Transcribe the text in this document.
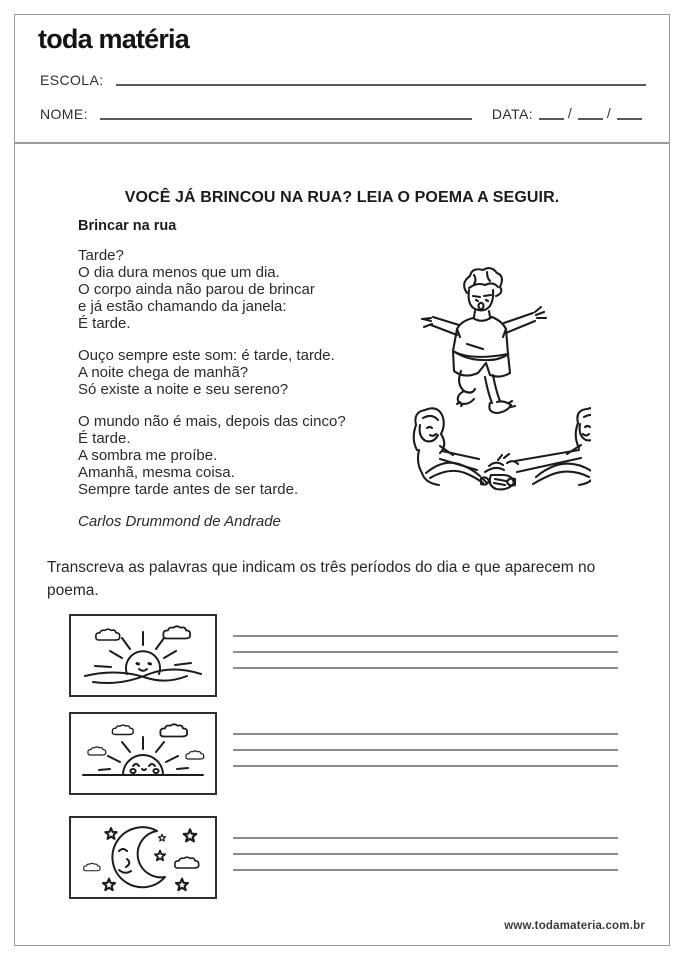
toda matéria
ESCOLA:
NOME:	DATA: / /
VOCÊ JÁ BRINCOU NA RUA? LEIA O POEMA A SEGUIR.
Brincar na rua

Tarde?
O dia dura menos que um dia.
O corpo ainda não parou de brincar
e já estão chamando da janela:
É tarde.

Ouço sempre este som: é tarde, tarde.
A noite chega de manhã?
Só existe a noite e seu sereno?

O mundo não é mais, depois das cinco?
É tarde.
A sombra me proíbe.
Amanhã, mesma coisa.
Sempre tarde antes de ser tarde.

Carlos Drummond de Andrade
Transcreva as palavras que indicam os três períodos do dia e que aparecem no poema.
www.todamateria.com.br
